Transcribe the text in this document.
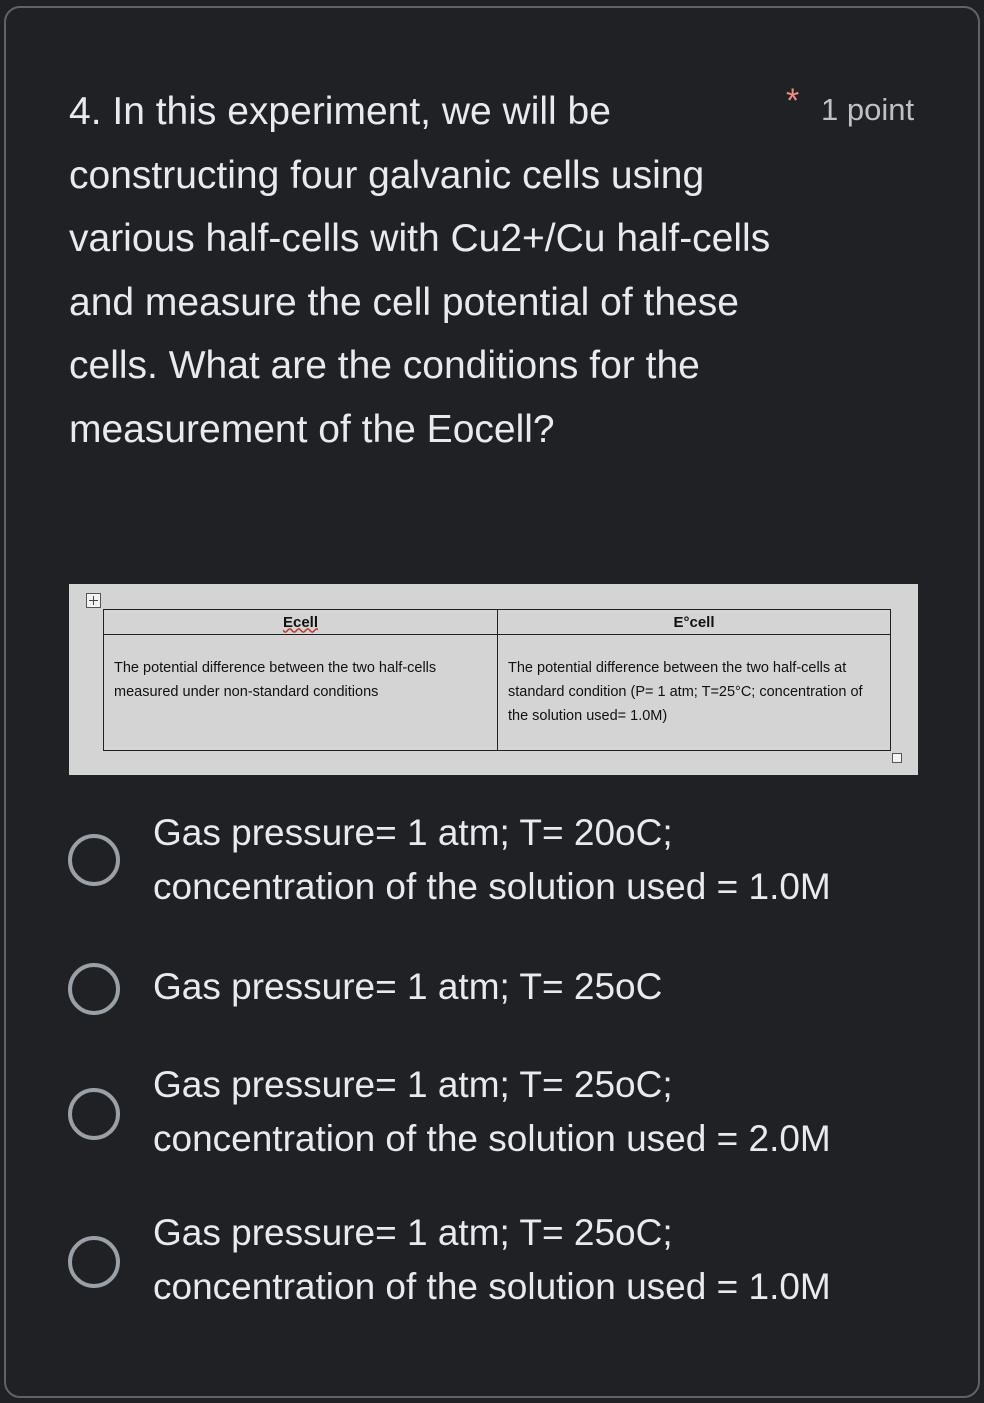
4. In this experiment, we will be constructing four galvanic cells using various half-cells with Cu2+/Cu half-cells and measure the cell potential of these cells. What are the conditions for the measurement of the Eocell?

* 1 point
Ecell	E°cell
The potential difference between the two half-cells measured under non-standard conditions	The potential difference between the two half-cells at standard condition (P= 1 atm; T=25°C; concentration of the solution used= 1.0M)
Gas pressure= 1 atm; T= 20oC;
concentration of the solution used = 1.0M
Gas pressure= 1 atm; T= 25oC
Gas pressure= 1 atm; T= 25oC;
concentration of the solution used = 2.0M
Gas pressure= 1 atm; T= 25oC;
concentration of the solution used = 1.0M
